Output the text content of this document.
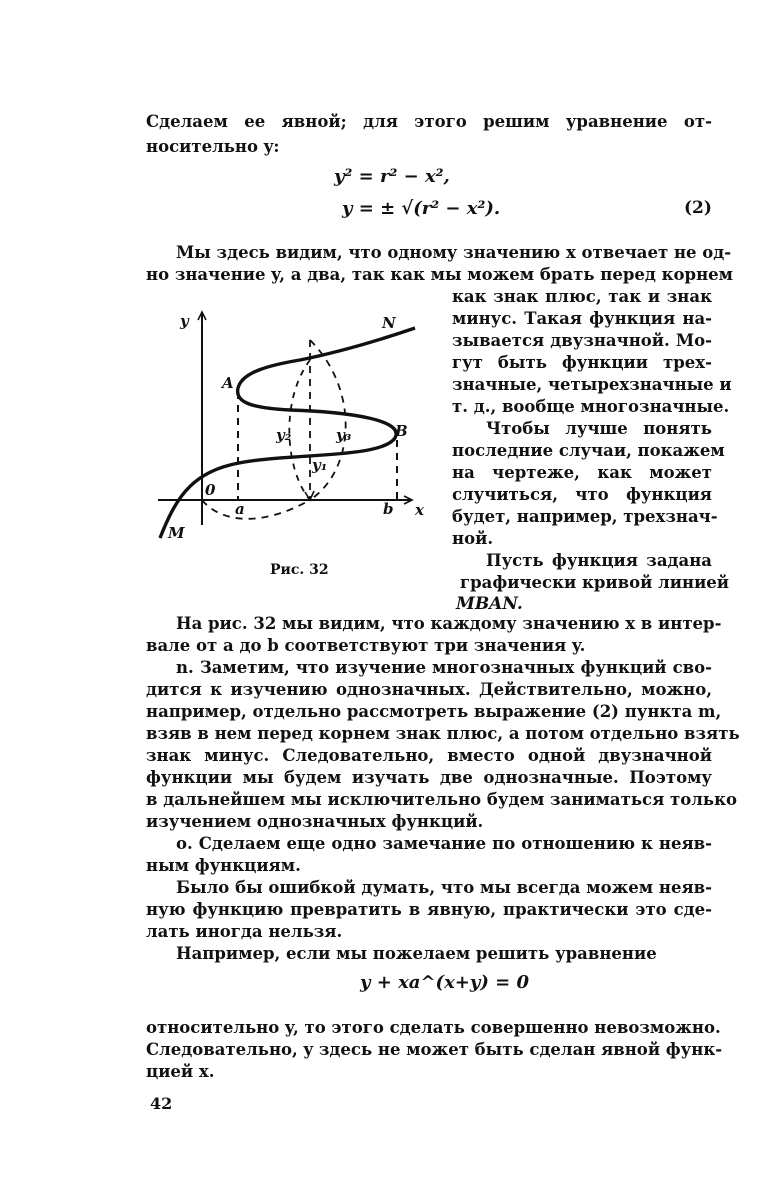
Сделаем ее явной; для этого решим уравнение от-

носительно y:

y² = r² − x²,
y = ± √(r² − x²).	(2)

Мы здесь видим, что одному значению x отвечает не од-

но значение y, а два, так как мы можем брать перед корнем

как знак плюс, так и знак

минус. Такая функция на-

зывается двузначной. Мо-

гут быть функции трех-

значные, четырехзначные и

т. д., вообще многозначные.

Чтобы лучше понять

последние случаи, покажем

на чертеже, как может

случиться, что функция

будет, например, трехзнач-

ной.

Пусть функция задана

графически кривой линией

MBAN.

y
x
0
a	b
A
B
N
M
y₁
y₂	y₃
Рис. 32

На рис. 32 мы видим, что каждому значению x в интер-

вале от a до b соответствуют три значения y.

n. Заметим, что изучение многозначных функций сво-

дится к изучению однозначных. Действительно, можно,

например, отдельно рассмотреть выражение (2) пункта m,

взяв в нем перед корнем знак плюс, а потом отдельно взять

знак минус. Следовательно, вместо одной двузначной

функции мы будем изучать две однозначные. Поэтому

в дальнейшем мы исключительно будем заниматься только

изучением однозначных функций.

о. Сделаем еще одно замечание по отношению к неяв-

ным функциям.

Было бы ошибкой думать, что мы всегда можем неяв-

ную функцию превратить в явную, практически это сде-

лать иногда нельзя.

Например, если мы пожелаем решить уравнение

y + xa^(x+y) = 0

относительно y, то этого сделать совершенно невозможно.

Следовательно, y здесь не может быть сделан явной функ-

цией x.

42
